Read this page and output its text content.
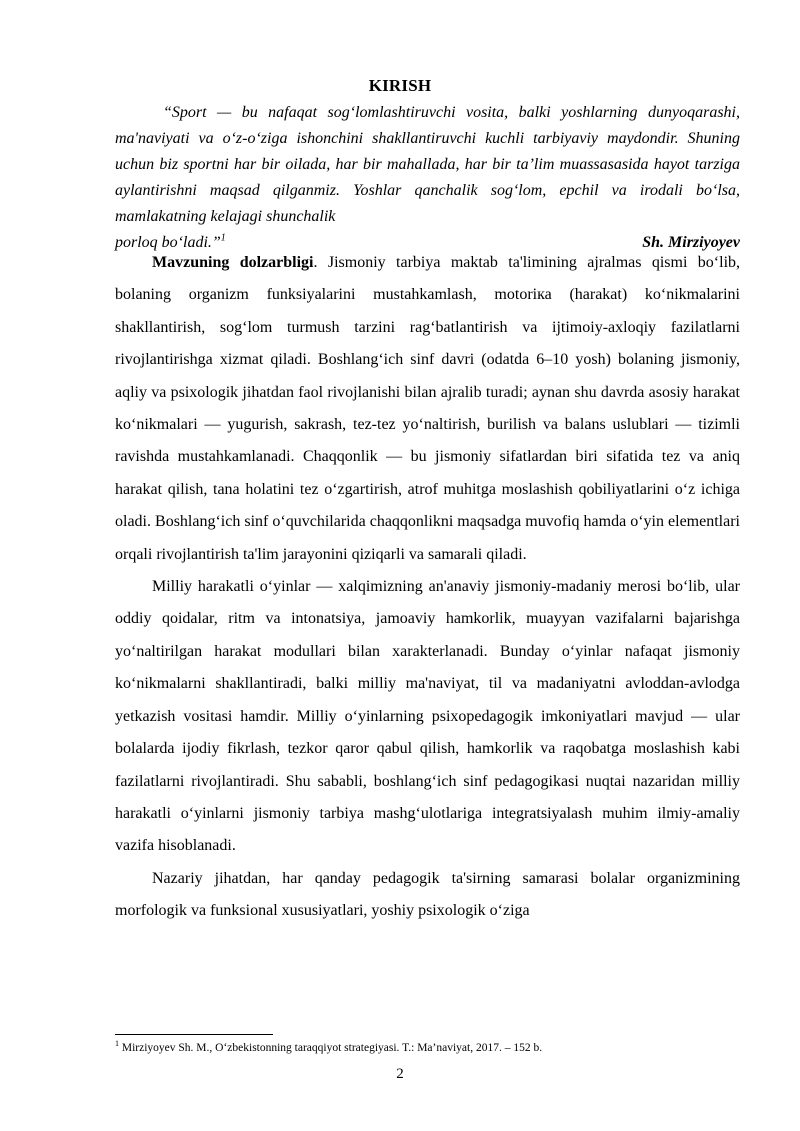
KIRISH

“Sport — bu nafaqat sog‘lomlashtiruvchi vosita, balki yoshlarning dunyoqarashi, ma'naviyati va o‘z-o‘ziga ishonchini shakllantiruvchi kuchli tarbiyaviy maydondir. Shuning uchun biz sportni har bir oilada, har bir mahallada, har bir ta’lim muassasasida hayot tarziga aylantirishni maqsad qilganmiz. Yoshlar qanchalik sog‘lom, epchil va irodali bo‘lsa, mamlakatning kelajagi shunchalik

porloq bo‘ladi.”$^1$	Sh. Mirziyoyev

Mavzuning dolzarbligi. Jismoniy tarbiya maktab ta'limining ajralmas qismi bo‘lib, bolaning organizm funksiyalarini mustahkamlash, motoriка (harakat) ko‘nikmalarini shakllantirish, sog‘lom turmush tarzini rag‘batlantirish va ijtimoiy-axloqiy fazilatlarni rivojlantirishga xizmat qiladi. Boshlang‘ich sinf davri (odatda 6–10 yosh) bolaning jismoniy, aqliy va psixologik jihatdan faol rivojlanishi bilan ajralib turadi; aynan shu davrda asosiy harakat ko‘nikmalari — yugurish, sakrash, tez-tez yo‘naltirish, burilish va balans uslublari — tizimli ravishda mustahkamlanadi. Chaqqonlik — bu jismoniy sifatlardan biri sifatida tez va aniq harakat qilish, tana holatini tez o‘zgartirish, atrof muhitga moslashish qobiliyatlarini o‘z ichiga oladi. Boshlang‘ich sinf o‘quvchilarida chaqqonlikni maqsadga muvofiq hamda o‘yin elementlari orqali rivojlantirish ta'lim jarayonini qiziqarli va samarali qiladi.

Milliy harakatli o‘yinlar — xalqimizning an'anaviy jismoniy-madaniy merosi bo‘lib, ular oddiy qoidalar, ritm va intonatsiya, jamoaviy hamkorlik, muayyan vazifalarni bajarishga yo‘naltirilgan harakat modullari bilan xarakterlanadi. Bunday o‘yinlar nafaqat jismoniy ko‘nikmalarni shakllantiradi, balki milliy ma'naviyat, til va madaniyatni avloddan-avlodga yetkazish vositasi hamdir. Milliy o‘yinlarning psixopedagogik imkoniyatlari mavjud — ular bolalarda ijodiy fikrlash, tezkor qaror qabul qilish, hamkorlik va raqobatga moslashish kabi fazilatlarni rivojlantiradi. Shu sababli, boshlang‘ich sinf pedagogikasi nuqtai nazaridan milliy harakatli o‘yinlarni jismoniy tarbiya mashg‘ulotlariga integratsiyalash muhim ilmiy-amaliy vazifa hisoblanadi.

Nazariy jihatdan, har qanday pedagogik ta'sirning samarasi bolalar organizmining morfologik va funksional xususiyatlari, yoshiy psixologik o‘ziga

$^1$ Mirziyoyev Sh. M., O‘zbekistonning taraqqiyot strategiyasi. T.: Ma’naviyat, 2017. – 152 b.
2
